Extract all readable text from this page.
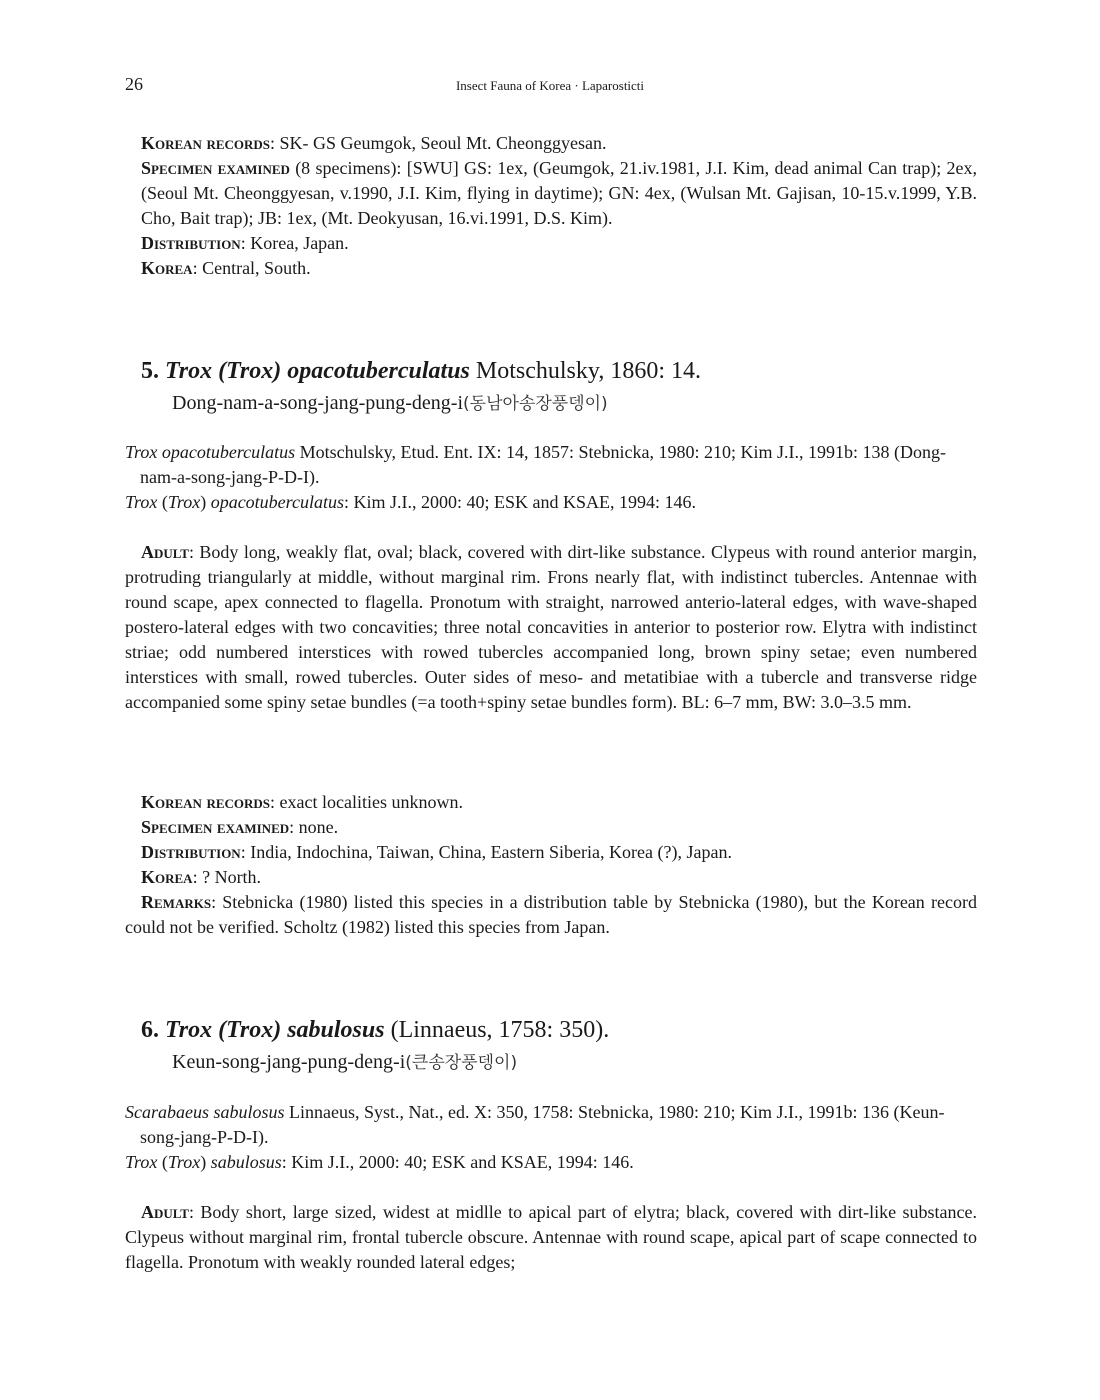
26	Insect Fauna of Korea · Laparosticti
Korean records: SK- GS Geumgok, Seoul Mt. Cheonggyesan.
Specimen examined (8 specimens): [SWU] GS: 1ex, (Geumgok, 21.iv.1981, J.I. Kim, dead animal Can trap); 2ex, (Seoul Mt. Cheonggyesan, v.1990, J.I. Kim, flying in daytime); GN: 4ex, (Wulsan Mt. Gajisan, 10-15.v.1999, Y.B. Cho, Bait trap); JB: 1ex, (Mt. Deokyusan, 16.vi.1991, D.S. Kim).
Distribution: Korea, Japan.
Korea: Central, South.
5. Trox (Trox) opacotuberculatus Motschulsky, 1860: 14.
Dong-nam-a-song-jang-pung-deng-i(동남아송장풍뎅이)
Trox opacotuberculatus Motschulsky, Etud. Ent. IX: 14, 1857: Stebnicka, 1980: 210; Kim J.I., 1991b: 138 (Dong-nam-a-song-jang-P-D-I).
Trox (Trox) opacotuberculatus: Kim J.I., 2000: 40; ESK and KSAE, 1994: 146.
Adult: Body long, weakly flat, oval; black, covered with dirt-like substance. Clypeus with round anterior margin, protruding triangularly at middle, without marginal rim. Frons nearly flat, with indistinct tubercles. Antennae with round scape, apex connected to flagella. Pronotum with straight, narrowed anterio-lateral edges, with wave-shaped postero-lateral edges with two concavities; three notal concavities in anterior to posterior row. Elytra with indistinct striae; odd numbered interstices with rowed tubercles accompanied long, brown spiny setae; even numbered interstices with small, rowed tubercles. Outer sides of meso- and metatibiae with a tubercle and transverse ridge accompanied some spiny setae bundles (=a tooth+spiny setae bundles form). BL: 6–7 mm, BW: 3.0–3.5 mm.
Korean records: exact localities unknown.
Specimen examined: none.
Distribution: India, Indochina, Taiwan, China, Eastern Siberia, Korea (?), Japan.
Korea: ? North.
Remarks: Stebnicka (1980) listed this species in a distribution table by Stebnicka (1980), but the Korean record could not be verified. Scholtz (1982) listed this species from Japan.
6. Trox (Trox) sabulosus (Linnaeus, 1758: 350).
Keun-song-jang-pung-deng-i(큰송장풍뎅이)
Scarabaeus sabulosus Linnaeus, Syst., Nat., ed. X: 350, 1758: Stebnicka, 1980: 210; Kim J.I., 1991b: 136 (Keun-song-jang-P-D-I).
Trox (Trox) sabulosus: Kim J.I., 2000: 40; ESK and KSAE, 1994: 146.
Adult: Body short, large sized, widest at midlle to apical part of elytra; black, covered with dirt-like substance. Clypeus without marginal rim, frontal tubercle obscure. Antennae with round scape, apical part of scape connected to flagella. Pronotum with weakly rounded lateral edges;
